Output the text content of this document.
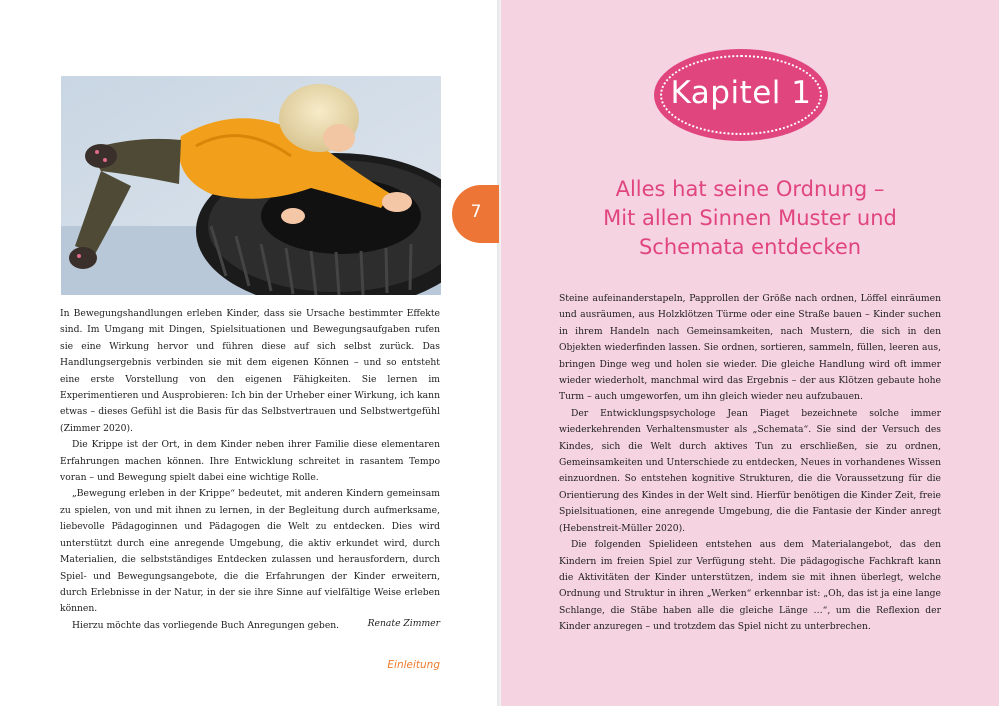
In Bewegungshandlungen erleben Kinder, dass sie Ursache bestimmter Effekte sind. Im Umgang mit Dingen, Spielsituationen und Bewegungsaufgaben rufen sie eine Wirkung hervor und führen diese auf sich selbst zurück. Das Handlungsergebnis verbinden sie mit dem eigenen Können – und so entsteht eine erste Vorstellung von den eigenen Fähigkeiten. Sie lernen im Experimentieren und Ausprobieren: Ich bin der Urheber einer Wirkung, ich kann etwas – dieses Gefühl ist die Basis für das Selbstvertrauen und Selbstwertgefühl (Zimmer 2020).

Die Krippe ist der Ort, in dem Kinder neben ihrer Familie diese elementaren Erfahrungen machen können. Ihre Entwicklung schreitet in rasantem Tempo voran – und Bewegung spielt dabei eine wichtige Rolle.

„Bewegung erleben in der Krippe“ bedeutet, mit anderen Kindern gemeinsam zu spielen, von und mit ihnen zu lernen, in der Begleitung durch aufmerksame, liebevolle Pädagoginnen und Pädagogen die Welt zu entdecken. Dies wird unterstützt durch eine anregende Umgebung, die aktiv erkundet wird, durch Materialien, die selbstständiges Entdecken zulassen und herausfordern, durch Spiel- und Bewegungsangebote, die die Erfahrungen der Kinder erweitern, durch Erlebnisse in der Natur, in der sie ihre Sinne auf vielfältige Weise erleben können.

Hierzu möchte das vorliegende Buch Anregungen geben.	Renate Zimmer
Einleitung
7
Kapitel 1
Alles hat seine Ordnung –
Mit allen Sinnen Muster und
Schemata entdecken

Steine aufeinanderstapeln, Papprollen der Größe nach ordnen, Löffel einräumen und ausräumen, aus Holzklötzen Türme oder eine Straße bauen – Kinder suchen in ihrem Handeln nach Gemeinsamkeiten, nach Mustern, die sich in den Objekten wiederfinden lassen. Sie ordnen, sortieren, sammeln, füllen, leeren aus, bringen Dinge weg und holen sie wieder. Die gleiche Handlung wird oft immer wieder wiederholt, manchmal wird das Ergebnis – der aus Klötzen gebaute hohe Turm – auch umgeworfen, um ihn gleich wieder neu aufzubauen.

Der Entwicklungspsychologe Jean Piaget bezeichnete solche immer wiederkehrenden Verhaltensmuster als „Schemata“. Sie sind der Versuch des Kindes, sich die Welt durch aktives Tun zu erschließen, sie zu ordnen, Gemeinsamkeiten und Unterschiede zu entdecken, Neues in vorhandenes Wissen einzuordnen. So entstehen kognitive Strukturen, die die Voraussetzung für die Orientierung des Kindes in der Welt sind. Hierfür benötigen die Kinder Zeit, freie Spielsituationen, eine anregende Umgebung, die die Fantasie der Kinder anregt (Hebenstreit-Müller 2020).

Die folgenden Spielideen entstehen aus dem Materialangebot, das den Kindern im freien Spiel zur Verfügung steht. Die pädagogische Fachkraft kann die Aktivitäten der Kinder unterstützen, indem sie mit ihnen überlegt, welche Ordnung und Struktur in ihren „Werken“ erkennbar ist: „Oh, das ist ja eine lange Schlange, die Stäbe haben alle die gleiche Länge …“, um die Reflexion der Kinder anzuregen – und trotzdem das Spiel nicht zu unterbrechen.
